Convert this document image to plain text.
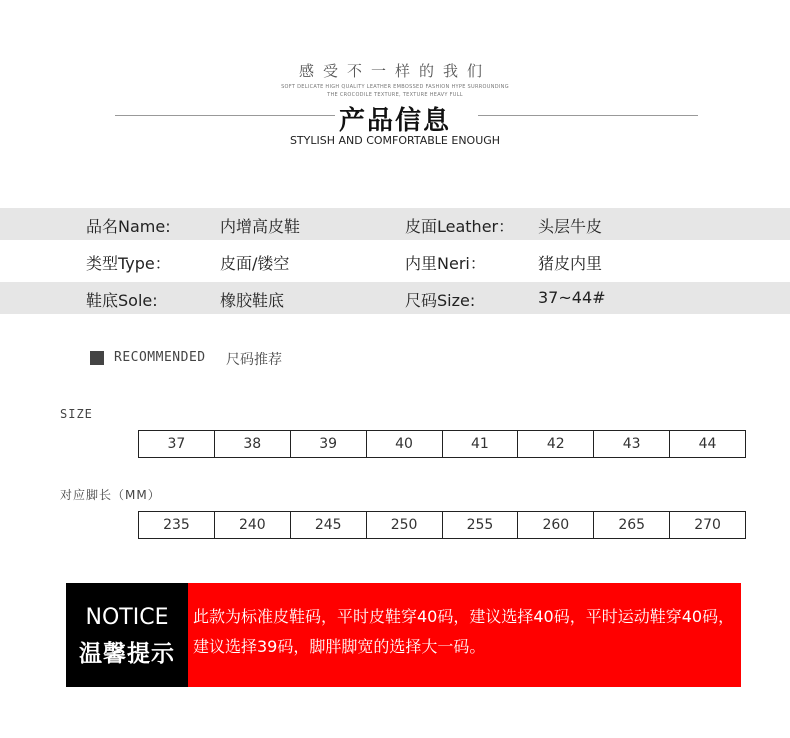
感受不一样的我们
SOFT DELICATE HIGH QUALITY LEATHER EMBOSSED FASHION HYPE SURROUNDING
THE CROCODILE TEXTURE, TEXTURE HEAVY FULL
产品信息
STYLISH AND COMFORTABLE ENOUGH
品名Name:	内增高皮鞋	皮面Leather： 头层牛皮
类型Type：	皮面/镂空	内里Neri：	猪皮内里
鞋底Sole:	橡胶鞋底	尺码Size:	37~44#
RECOMMENDED 尺码推荐
SIZE
37	38	39	40	41	42	43	44
对应脚长（MM）
235	240	245	250	255	260	265	270
NOTICE
温馨提示
此款为标准皮鞋码，平时皮鞋穿40码，建议选择40码，平时运动鞋穿40码，建议选择39码，脚胖脚宽的选择大一码。
